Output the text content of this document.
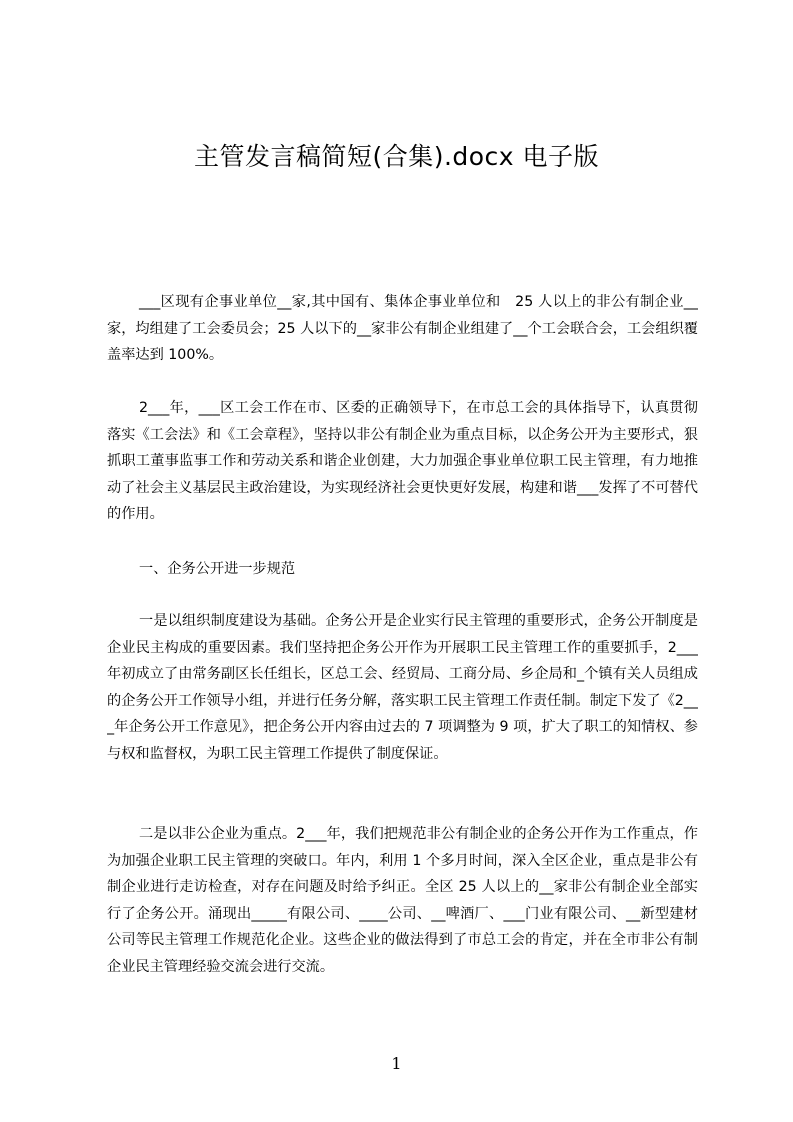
主管发言稿简短(合集).docx 电子版

___区现有企事业单位__家,其中国有、集体企事业单位和　25 人以上的非公有制企业__家，均组建了工会委员会；25 人以下的__家非公有制企业组建了__个工会联合会，工会组织覆盖率达到 100%。

2___年，___区工会工作在市、区委的正确领导下，在市总工会的具体指导下，认真贯彻落实《工会法》和《工会章程》，坚持以非公有制企业为重点目标，以企务公开为主要形式，狠抓职工董事监事工作和劳动关系和谐企业创建，大力加强企事业单位职工民主管理，有力地推动了社会主义基层民主政治建设，为实现经济社会更快更好发展，构建和谐___发挥了不可替代的作用。

一、企务公开进一步规范

一是以组织制度建设为基础。企务公开是企业实行民主管理的重要形式，企务公开制度是企业民主构成的重要因素。我们坚持把企务公开作为开展职工民主管理工作的重要抓手，2___年初成立了由常务副区长任组长，区总工会、经贸局、工商分局、乡企局和_个镇有关人员组成的企务公开工作领导小组，并进行任务分解，落实职工民主管理工作责任制。制定下发了《2___年企务公开工作意见》，把企务公开内容由过去的 7 项调整为 9 项，扩大了职工的知情权、参与权和监督权，为职工民主管理工作提供了制度保证。

二是以非公企业为重点。2___年，我们把规范非公有制企业的企务公开作为工作重点，作为加强企业职工民主管理的突破口。年内，利用 1 个多月时间，深入全区企业，重点是非公有制企业进行走访检查，对存在问题及时给予纠正。全区 25 人以上的__家非公有制企业全部实行了企务公开。涌现出_____有限公司、____公司、__啤酒厂、___门业有限公司、__新型建材公司等民主管理工作规范化企业。这些企业的做法得到了市总工会的肯定，并在全市非公有制企业民主管理经验交流会进行交流。

1
